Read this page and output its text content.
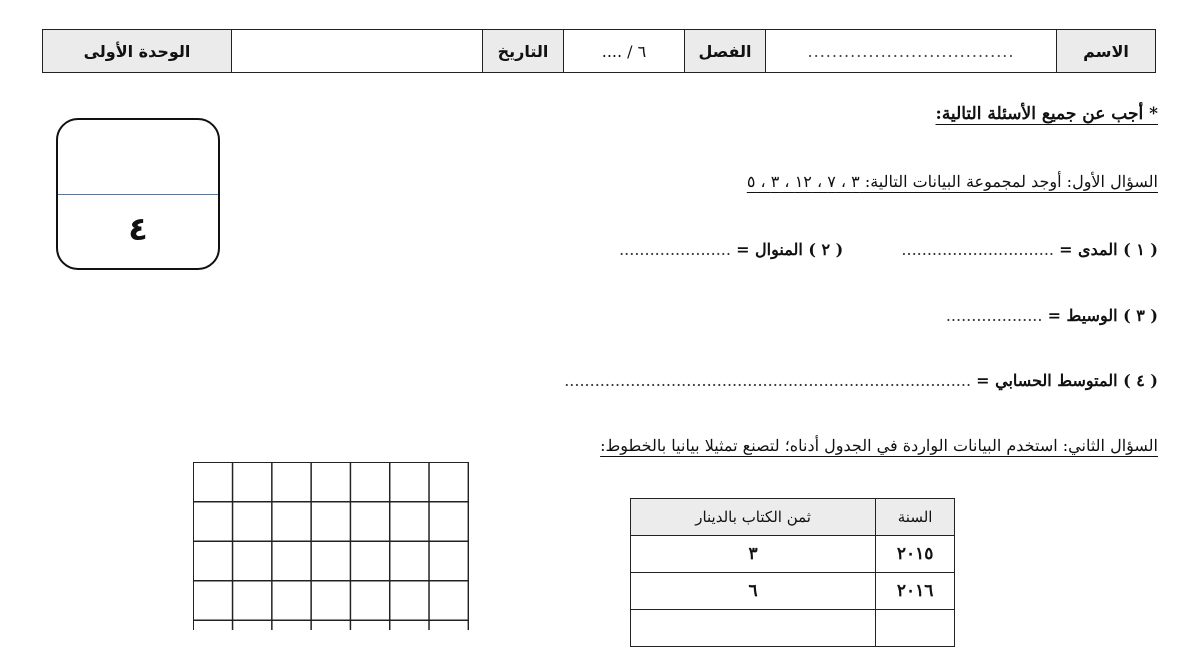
الاسم	..................................	الفصل	٦ / ....	التاريخ		الوحدة الأولى
٤
* أجب عن جميع الأسئلة التالية:
السؤال الأول: أوجد لمجموعة البيانات التالية: ٣ ، ٧ ، ١٢ ، ٣ ، ٥
( ١ ) المدى = ..............................  ( ٢ ) المنوال = ......................
( ٣ ) الوسيط = ...................
( ٤ ) المتوسط الحسابي = ................................................................................
السؤال الثاني: استخدم البيانات الواردة في الجدول أدناه؛ لتصنع تمثيلا بيانيا بالخطوط:
السنة	ثمن الكتاب بالدينار
٢٠١٥	٣
٢٠١٦	٦
